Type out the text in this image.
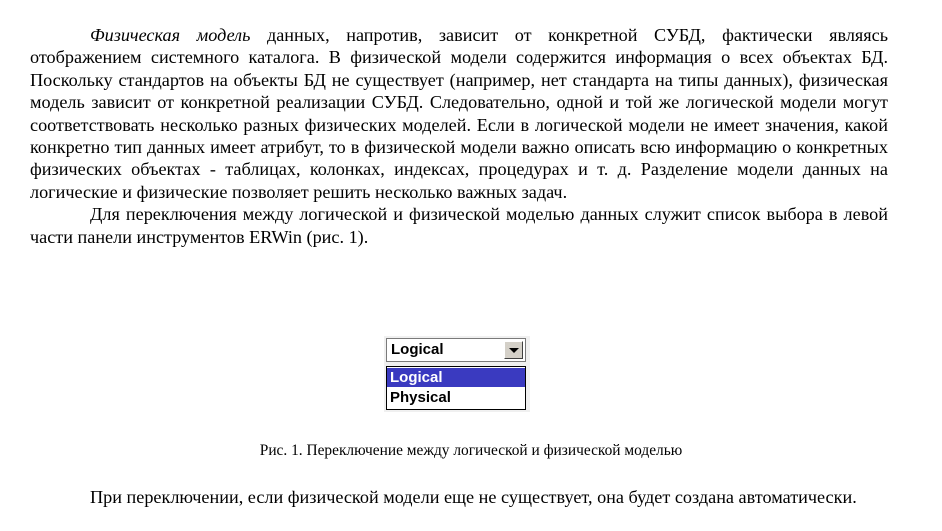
Физическая модель данных, напротив, зависит от конкретной СУБД, фактически являясь отображением системного каталога. В физической модели содержится информация о всех объектах БД. Поскольку стандартов на объекты БД не существует (например, нет стандарта на типы данных), физическая модель зависит от конкретной реализации СУБД. Следовательно, одной и той же логической модели могут соответствовать несколько разных физических моделей. Если в логической модели не имеет значения, какой конкретно тип данных имеет атрибут, то в физической модели важно описать всю информацию о конкретных физических объектах - таблицах, колонках, индексах, процедурах и т. д. Разделение модели данных на логические и физические позволяет решить несколько важных задач.

Для переключения между логической и физической моделью данных служит список выбора в левой части панели инструментов ERWin (рис. 1).

Logical
Logical
Physical
Рис. 1. Переключение между логической и физической моделью

При переключении, если физической модели еще не существует, она будет создана автоматически.
